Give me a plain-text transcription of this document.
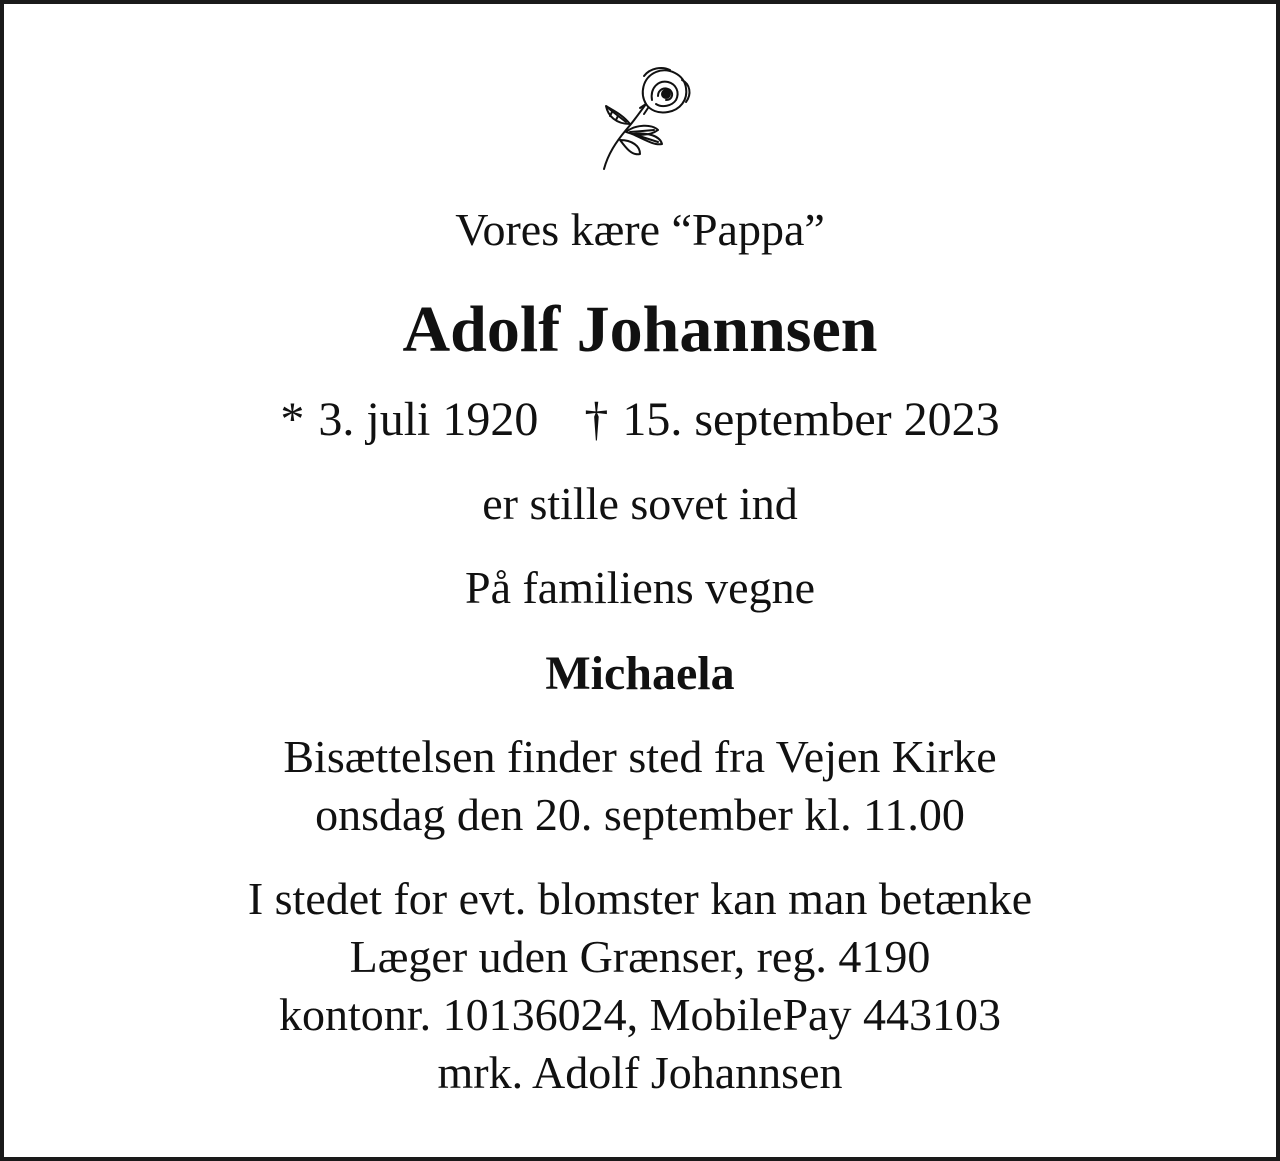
Vores kære “Pappa”

Adolf Johannsen

* 3. juli 1920 † 15. september 2023

er stille sovet ind

På familiens vegne

Michaela

Bisættelsen finder sted fra Vejen Kirke
onsdag den 20. september kl. 11.00
I stedet for evt. blomster kan man betænke
Læger uden Grænser, reg. 4190
kontonr. 10136024, MobilePay 443103
mrk. Adolf Johannsen
